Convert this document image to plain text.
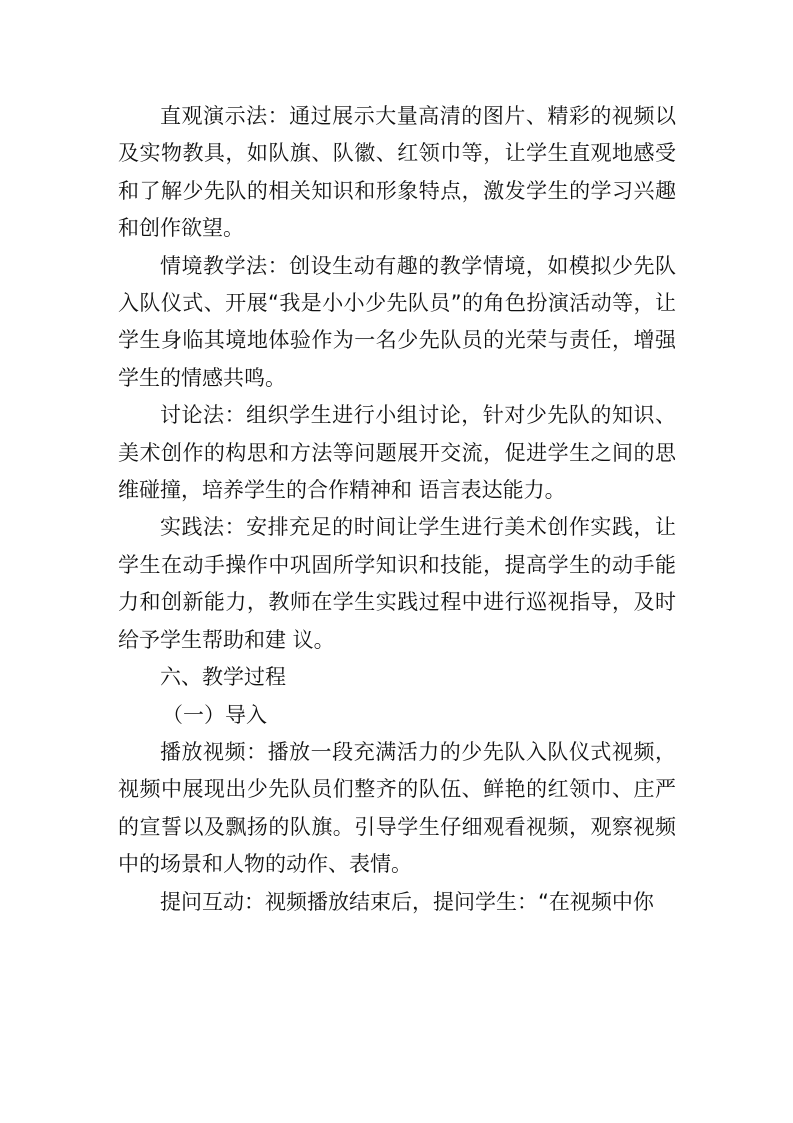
直观演示法：通过展示大量高清的图片、精彩的视频以及实物教具，如队旗、队徽、红领巾等，让学生直观地感受和了解少先队的相关知识和形象特点，激发学生的学习兴趣和创作欲望。

情境教学法：创设生动有趣的教学情境，如模拟少先队入队仪式、开展“我是小小少先队员”的角色扮演活动等，让学生身临其境地体验作为一名少先队员的光荣与责任，增强学生的情感共鸣。

讨论法：组织学生进行小组讨论，针对少先队的知识、美术创作的构思和方法等问题展开交流，促进学生之间的思维碰撞，培养学生的合作精神和 语言表达能力。

实践法：安排充足的时间让学生进行美术创作实践，让学生在动手操作中巩固所学知识和技能，提高学生的动手能力和创新能力，教师在学生实践过程中进行巡视指导，及时给予学生帮助和建 议。

六、教学过程

（一）导入

播放视频：播放一段充满活力的少先队入队仪式视频，视频中展现出少先队员们整齐的队伍、鲜艳的红领巾、庄严的宣誓以及飘扬的队旗。引导学生仔细观看视频，观察视频中的场景和人物的动作、表情。

提问互动：视频播放结束后，提问学生：“在视频中你
